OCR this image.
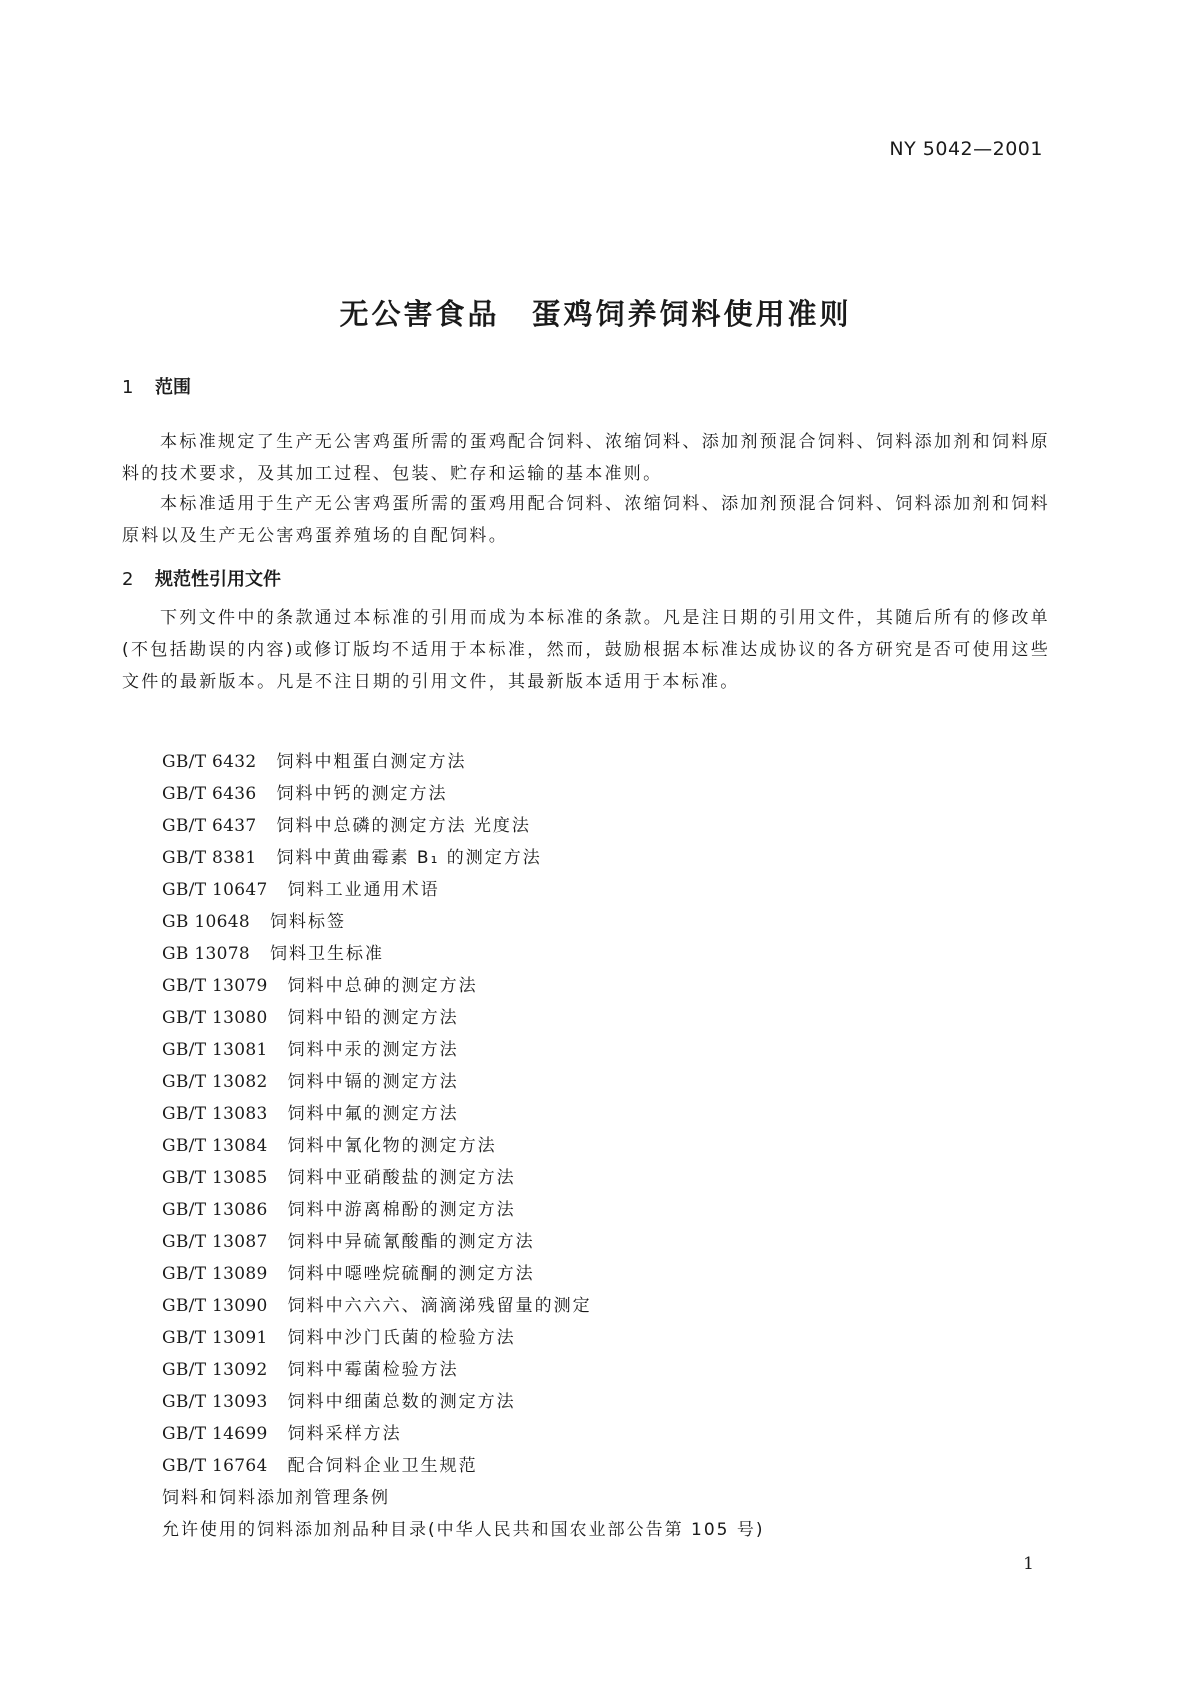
NY 5042—2001
无公害食品　蛋鸡饲养饲料使用准则
1 范围

本标准规定了生产无公害鸡蛋所需的蛋鸡配合饲料、浓缩饲料、添加剂预混合饲料、饲料添加剂和饲料原料的技术要求，及其加工过程、包装、贮存和运输的基本准则。

本标准适用于生产无公害鸡蛋所需的蛋鸡用配合饲料、浓缩饲料、添加剂预混合饲料、饲料添加剂和饲料原料以及生产无公害鸡蛋养殖场的自配饲料。

2 规范性引用文件

下列文件中的条款通过本标准的引用而成为本标准的条款。凡是注日期的引用文件，其随后所有的修改单(不包括勘误的内容)或修订版均不适用于本标准，然而，鼓励根据本标准达成协议的各方研究是否可使用这些文件的最新版本。凡是不注日期的引用文件，其最新版本适用于本标准。

GB/T 6432 饲料中粗蛋白测定方法
GB/T 6436 饲料中钙的测定方法
GB/T 6437 饲料中总磷的测定方法 光度法
GB/T 8381 饲料中黄曲霉素 B₁ 的测定方法
GB/T 10647 饲料工业通用术语
GB 10648 饲料标签
GB 13078 饲料卫生标准
GB/T 13079 饲料中总砷的测定方法
GB/T 13080 饲料中铅的测定方法
GB/T 13081 饲料中汞的测定方法
GB/T 13082 饲料中镉的测定方法
GB/T 13083 饲料中氟的测定方法
GB/T 13084 饲料中氰化物的测定方法
GB/T 13085 饲料中亚硝酸盐的测定方法
GB/T 13086 饲料中游离棉酚的测定方法
GB/T 13087 饲料中异硫氰酸酯的测定方法
GB/T 13089 饲料中噁唑烷硫酮的测定方法
GB/T 13090 饲料中六六六、滴滴涕残留量的测定
GB/T 13091 饲料中沙门氏菌的检验方法
GB/T 13092 饲料中霉菌检验方法
GB/T 13093 饲料中细菌总数的测定方法
GB/T 14699 饲料采样方法
GB/T 16764 配合饲料企业卫生规范
饲料和饲料添加剂管理条例
允许使用的饲料添加剂品种目录(中华人民共和国农业部公告第 105 号)
1
